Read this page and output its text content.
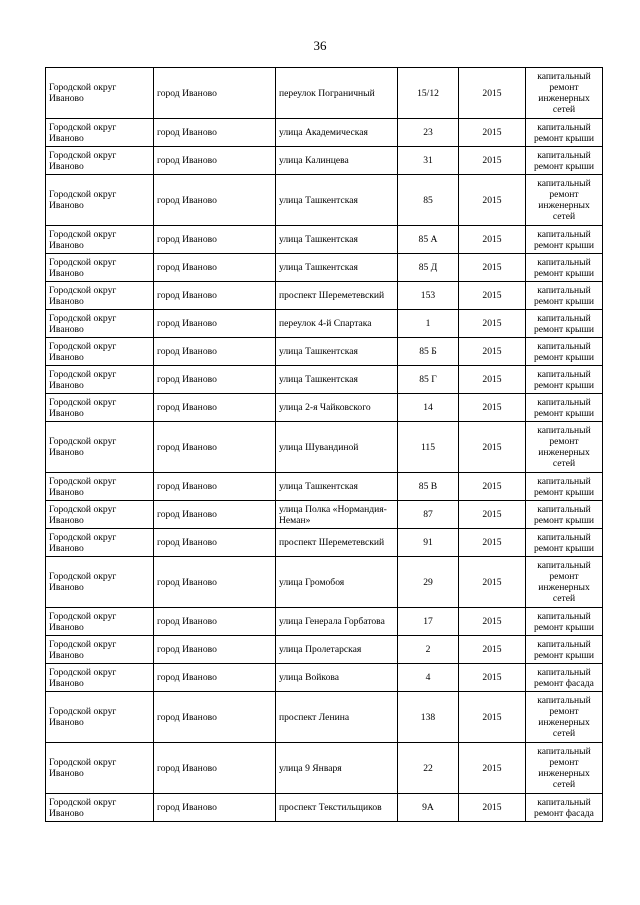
36
Городской округ Иваново	город Иваново	переулок Пограничный	15/12	2015	капитальный ремонт инженерных сетей
Городской округ Иваново	город Иваново	улица Академическая	23	2015	капитальный ремонт крыши
Городской округ Иваново	город Иваново	улица Калинцева	31	2015	капитальный ремонт крыши
Городской округ Иваново	город Иваново	улица Ташкентская	85	2015	капитальный ремонт инженерных сетей
Городской округ Иваново	город Иваново	улица Ташкентская	85 А	2015	капитальный ремонт крыши
Городской округ Иваново	город Иваново	улица Ташкентская	85 Д	2015	капитальный ремонт крыши
Городской округ Иваново	город Иваново	проспект Шереметевский	153	2015	капитальный ремонт крыши
Городской округ Иваново	город Иваново	переулок 4-й Спартака	1	2015	капитальный ремонт крыши
Городской округ Иваново	город Иваново	улица Ташкентская	85 Б	2015	капитальный ремонт крыши
Городской округ Иваново	город Иваново	улица Ташкентская	85 Г	2015	капитальный ремонт крыши
Городской округ Иваново	город Иваново	улица 2-я Чайковского	14	2015	капитальный ремонт крыши
Городской округ Иваново	город Иваново	улица Шувандиной	115	2015	капитальный ремонт инженерных сетей
Городской округ Иваново	город Иваново	улица Ташкентская	85 В	2015	капитальный ремонт крыши
Городской округ Иваново	город Иваново	улица Полка «Нормандия-Неман»	87	2015	капитальный ремонт крыши
Городской округ Иваново	город Иваново	проспект Шереметевский	91	2015	капитальный ремонт крыши
Городской округ Иваново	город Иваново	улица Громобоя	29	2015	капитальный ремонт инженерных сетей
Городской округ Иваново	город Иваново	улица Генерала Горбатова	17	2015	капитальный ремонт крыши
Городской округ Иваново	город Иваново	улица Пролетарская	2	2015	капитальный ремонт крыши
Городской округ Иваново	город Иваново	улица Войкова	4	2015	капитальный ремонт фасада
Городской округ Иваново	город Иваново	проспект Ленина	138	2015	капитальный ремонт инженерных сетей
Городской округ Иваново	город Иваново	улица 9 Января	22	2015	капитальный ремонт инженерных сетей
Городской округ Иваново	город Иваново	проспект Текстильщиков	9А	2015	капитальный ремонт фасада
